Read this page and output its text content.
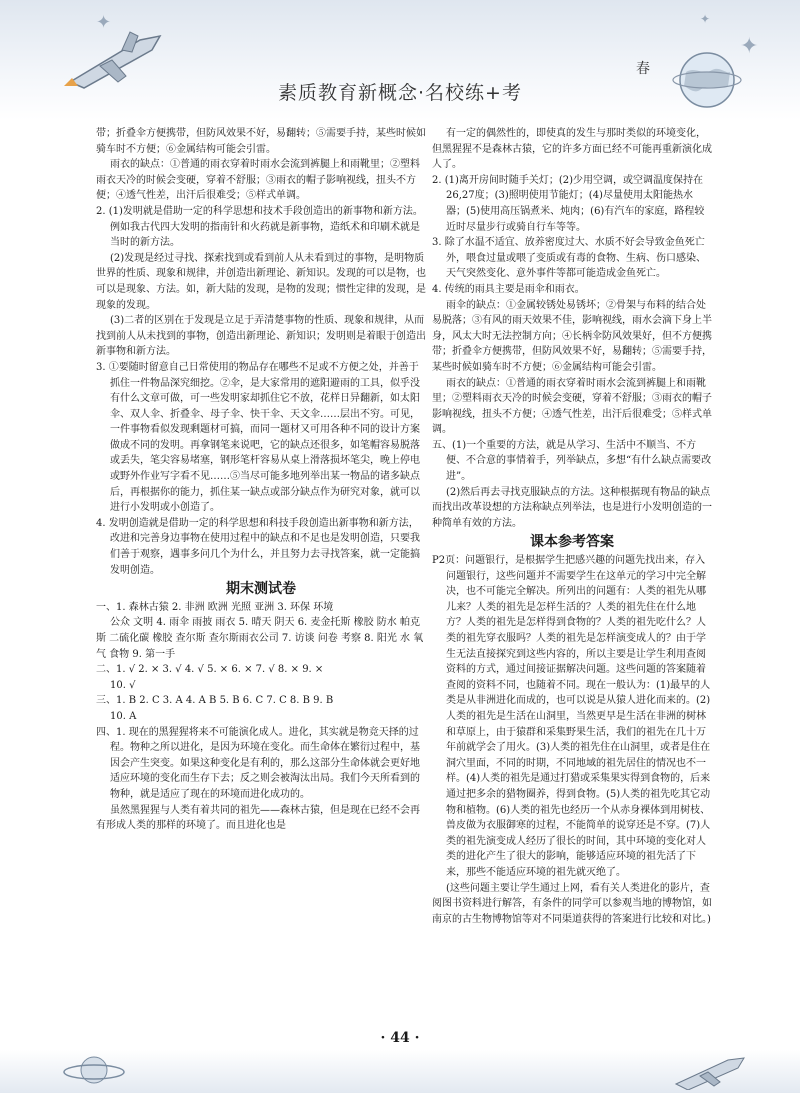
✦
✦
✦
素质教育新概念·名校练+考
春

带；折叠伞方便携带，但防风效果不好，易翻转；⑤需要手持，某些时候如骑车时不方便；⑥金属结构可能会引雷。

雨衣的缺点：①普通的雨衣穿着时雨水会流到裤腿上和雨靴里；②塑料雨衣天冷的时候会变硬，穿着不舒服；③雨衣的帽子影响视线，扭头不方便；④透气性差，出汗后很难受；⑤样式单调。

2. (1)发明就是借助一定的科学思想和技术手段创造出的新事物和新方法。例如我古代四大发明的指南针和火药就是新事物，造纸术和印刷术就是当时的新方法。

(2)发现是经过寻找、探索找到或看到前人从未看到过的事物，是明物质世界的性质、现象和规律，并创造出新理论、新知识。发现的可以是物，也可以是现象、方法。如，新大陆的发现，是物的发现；惯性定律的发现，是现象的发现。

(3)二者的区别在于发现是立足于弄清楚事物的性质、现象和规律，从而找到前人从未找到的事物，创造出新理论、新知识；发明则是着眼于创造出新事物和新方法。

3. ①要随时留意自己日常使用的物品存在哪些不足或不方便之处，并善于抓住一件物品深究细挖。②伞，是大家常用的遮阳避雨的工具，似乎没有什么文章可做，可一些发明家却抓住它不放，花样日异翻新，如太阳伞、双人伞、折叠伞、母子伞、快干伞、天文伞……层出不穷。可见，一件事物看似发现剩题材可搞，而同一题材又可用各种不同的设计方案做成不同的发明。再拿钢笔来说吧，它的缺点还很多，如笔帽容易脱落或丢失，笔尖容易堵塞，钢形笔杆容易从桌上滑落损坏笔尖，晚上停电或野外作业写字看不见……⑤当尽可能多地列举出某一物品的诸多缺点后，再根据你的能力，抓住某一缺点或部分缺点作为研究对象，就可以进行小发明或小创造了。

4. 发明创造就是借助一定的科学思想和科技手段创造出新事物和新方法，改进和完善身边事物在使用过程中的缺点和不足也是发明创造，只要我们善于观察，遇事多问几个为什么，并且努力去寻找答案，就一定能搞发明创造。

期末测试卷

一、1. 森林古猿 2. 非洲 欧洲 光照 亚洲 3. 环保 环境

公众 文明 4. 雨伞 雨披 雨衣 5. 晴天 阴天 6. 麦金托斯 橡胶 防水 帕克斯 二硫化碳 橡胶 查尔斯 查尔斯雨衣公司 7. 访谈 问卷 考察 8. 阳光 水 氧气 食物 9. 第一手

二、1. √ 2. × 3. √ 4. √ 5. × 6. × 7. √ 8. × 9. ×

10. √

三、1. B 2. C 3. A 4. A B 5. B 6. C 7. C 8. B 9. B

10. A

四、1. 现在的黑猩猩将来不可能演化成人。进化，其实就是物竞天择的过程。物种之所以进化，是因为环境在变化。而生命体在繁衍过程中，基因会产生突变。如果这种变化是有利的，那么这部分生命体就会更好地适应环境的变化而生存下去；反之则会被淘汰出局。我们今天所看到的物种，就是适应了现在的环境而进化成功的。

虽然黑猩猩与人类有着共同的祖先——森林古猿，但是现在已经不会再有形成人类的那样的环境了。而且进化也是

有一定的偶然性的，即使真的发生与那时类似的环境变化，但黑猩猩不是森林古猿，它的许多方面已经不可能再重新演化成人了。

2. (1)离开房间时随手关灯；(2)少用空调，或空调温度保持在26,27度；(3)照明使用节能灯；(4)尽量使用太阳能热水器；(5)使用高压锅煮米、炖肉；(6)有汽车的家庭，路程较近时尽量步行或骑自行车等等。

3. 除了水温不适宜、放养密度过大、水质不好会导致金鱼死亡外，喂食过量或喂了变质或有毒的食物、生病、伤口感染、天气突然变化、意外事件等都可能造成金鱼死亡。

4. 传统的雨具主要是雨伞和雨衣。

雨伞的缺点：①金属较锈处易锈坏；②骨架与布料的结合处易脱落；③有风的雨天效果不佳，影响视线，雨水会滴下身上半身，风太大时无法控制方向；④长柄伞防风效果好，但不方便携带；折叠伞方便携带，但防风效果不好，易翻转；⑤需要手持，某些时候如骑车时不方便；⑥金属结构可能会引雷。

雨衣的缺点：①普通的雨衣穿着时雨水会流到裤腿上和雨靴里；②塑料雨衣天冷的时候会变硬，穿着不舒服；③雨衣的帽子影响视线，扭头不方便；④透气性差，出汗后很难受；⑤样式单调。

五、(1)一个重要的方法，就是从学习、生活中不顺当、不方便、不合意的事情着手，列举缺点，多想“有什么缺点需要改进”。

(2)然后再去寻找克服缺点的方法。这种根据现有物品的缺点而找出改革设想的方法称缺点列举法，也是进行小发明创造的一种简单有效的方法。

课本参考答案

P2页：问题银行，是根据学生把感兴趣的问题先找出来，存入问题银行，这些问题并不需要学生在这单元的学习中完全解决，也不可能完全解决。所列出的问题有：人类的祖先从哪儿来？人类的祖先是怎样生活的？人类的祖先住在什么地方？人类的祖先是怎样得到食物的？人类的祖先吃什么？人类的祖先穿衣服吗？人类的祖先是怎样演变成人的？由于学生无法直接探究到这些内容的，所以主要是让学生利用查阅资料的方式，通过间接证据解决问题。这些问题的答案随着查阅的资料不同，也随着不同。现在一般认为：(1)最早的人类是从非洲进化而成的，也可以说是从猿人进化而来的。(2)人类的祖先是生活在山洞里，当然更早是生活在非洲的树林和草原上，由于猿群和采集野果生活，我们的祖先在几十万年前就学会了用火。(3)人类的祖先住在山洞里，或者是住在洞穴里面，不同的时期，不同地域的祖先居住的情况也不一样。(4)人类的祖先是通过打猎或采集果实得到食物的，后来通过把多余的猎物圈养，得到食物。(5)人类的祖先吃其它动物和植物。(6)人类的祖先也经历一个从赤身裸体到用树枝、兽皮做为衣服御寒的过程，不能简单的说穿还是不穿。(7)人类的祖先演变成人经历了很长的时间，其中环境的变化对人类的进化产生了很大的影响，能够适应环境的祖先活了下来，那些不能适应环境的祖先就灭绝了。

(这些问题主要让学生通过上网，看有关人类进化的影片，查阅图书资料进行解答，有条件的同学可以参观当地的博物馆，如南京的古生物博物馆等对不同渠道获得的答案进行比较和对比。)

· 44 ·
